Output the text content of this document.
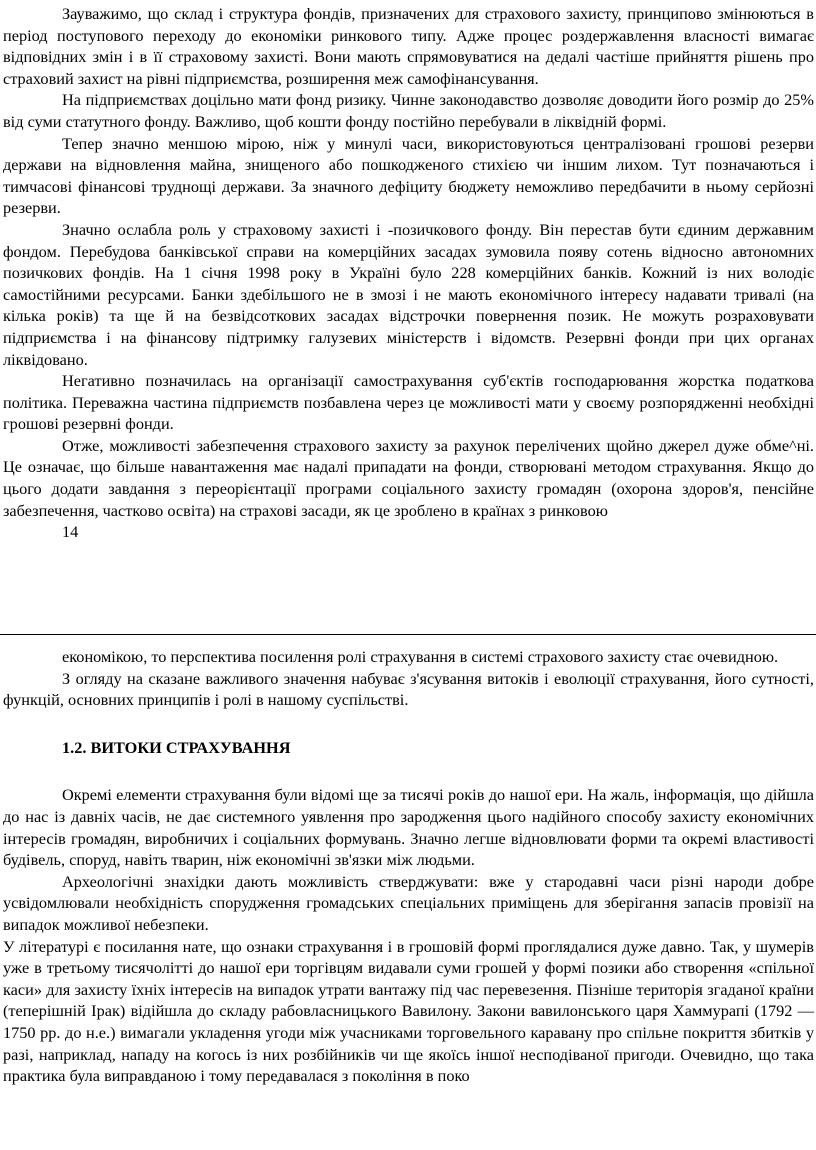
Зауважимо, що склад і структура фондів, призначених для страхового захисту, принципово змінюються в період поступового переходу до економіки ринкового типу. Адже процес роздержавлення власності вимагає відповідних змін і в її страховому захисті. Вони мають спрямовуватися на дедалі частіше прийняття рішень про страховий захист на рівні підприємства, розширення меж самофінансування.

На підприємствах доцільно мати фонд ризику. Чинне законодавство дозволяє доводити його розмір до 25% від суми статутного фонду. Важливо, щоб кошти фонду постійно перебували в ліквідній формі.

Тепер значно меншою мірою, ніж у минулі часи, використовуються централізовані грошові резерви держави на відновлення майна, знищеного або пошкодженого стихією чи іншим лихом. Тут позначаються і тимчасові фінансові труднощі держави. За значного дефіциту бюджету неможливо передбачити в ньому серйозні резерви.

Значно ослабла роль у страховому захисті і -позичкового фонду. Він перестав бути єдиним державним фондом. Перебудова банківської справи на комерційних засадах зумовила появу сотень відносно автономних позичкових фондів. На 1 січня 1998 року в Україні було 228 комерційних банків. Кожний із них володіє самостійними ресурсами. Банки здебільшого не в змозі і не мають економічного інтересу надавати тривалі (на кілька років) та ще й на безвідсоткових засадах відстрочки повернення позик. Не можуть розраховувати підприємства і на фінансову підтримку галузевих міністерств і відомств. Резервні фонди при цих органах ліквідовано.

Негативно позначилась на організації самострахування суб'єктів господарювання жорстка податкова політика. Переважна частина підприємств позбавлена через це можливості мати у своєму розпорядженні необхідні грошові резервні фонди.

Отже, можливості забезпечення страхового захисту за рахунок перелічених щойно джерел дуже обме^ні. Це означає, що більше навантаження має надалі припадати на фонди, створювані методом страхування. Якщо до цього додати завдання з переорієнтації програми соціального захисту громадян (охорона здоров'я, пенсійне забезпечення, частково освіта) на страхові засади, як це зроблено в країнах з ринковою

14

економікою, то перспектива посилення ролі страхування в системі страхового захисту стає очевидною.

З огляду на сказане важливого значення набуває з'ясування витоків і еволюції страхування, його сутності, функцій, основних принципів і ролі в нашому суспільстві.

1.2. ВИТОКИ СТРАХУВАННЯ

Окремі елементи страхування були відомі ще за тисячі років до нашої ери. На жаль, інформація, що дійшла до нас із давніх часів, не дає системного уявлення про зародження цього надійного способу захисту економічних інтересів громадян, виробничих і соціальних формувань. Значно легше відновлювати форми та окремі властивості будівель, споруд, навіть тварин, ніж економічні зв'язки між людьми.

Археологічні знахідки дають можливість стверджувати: вже у стародавні часи різні народи добре усвідомлювали необхідність спорудження громадських спеціальних приміщень для зберігання запасів провізії на випадок можливої небезпеки.

У літературі є посилання нате, що ознаки страхування і в грошовій формі проглядалися дуже давно. Так, у шумерів уже в третьому тисячолітті до нашої ери торгівцям видавали суми грошей у формі позики або створення «спільної каси» для захисту їхніх інтересів на випадок утрати вантажу під час перевезення. Пізніше територія згаданої країни (теперішній Ірак) відійшла до складу рабовласницького Вавилону. Закони вавилонського царя Хаммурапі (1792 — 1750 рр. до н.е.) вимагали укладення угоди між учасниками торговельного каравану про спільне покриття збитків у разі, наприклад, нападу на когось із них розбійників чи ще якоїсь іншої несподіваної пригоди. Очевидно, що така практика була виправданою і тому передавалася з покоління в поко
